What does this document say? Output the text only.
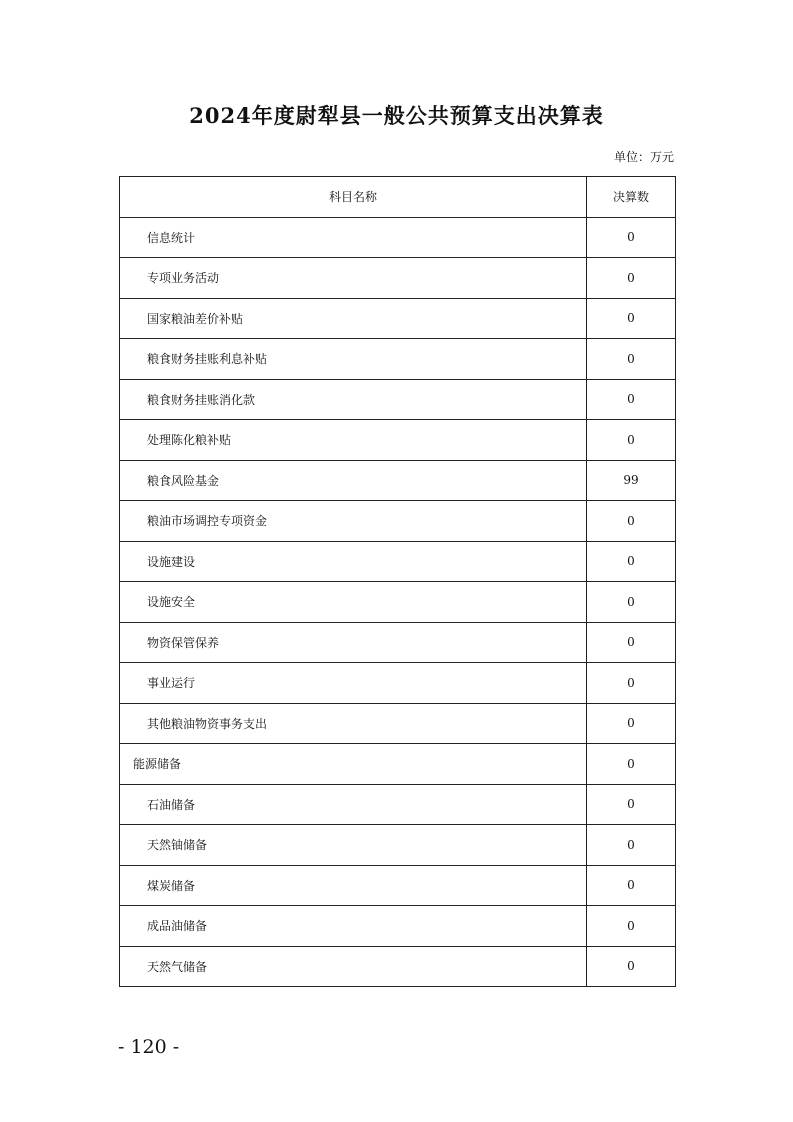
2024年度尉犁县一般公共预算支出决算表
单位：万元
科目名称	决算数
信息统计	0
专项业务活动	0
国家粮油差价补贴	0
粮食财务挂账利息补贴	0
粮食财务挂账消化款	0
处理陈化粮补贴	0
粮食风险基金	99
粮油市场调控专项资金	0
设施建设	0
设施安全	0
物资保管保养	0
事业运行	0
其他粮油物资事务支出	0
能源储备	0
石油储备	0
天然铀储备	0
煤炭储备	0
成品油储备	0
天然气储备	0
- 120 -
